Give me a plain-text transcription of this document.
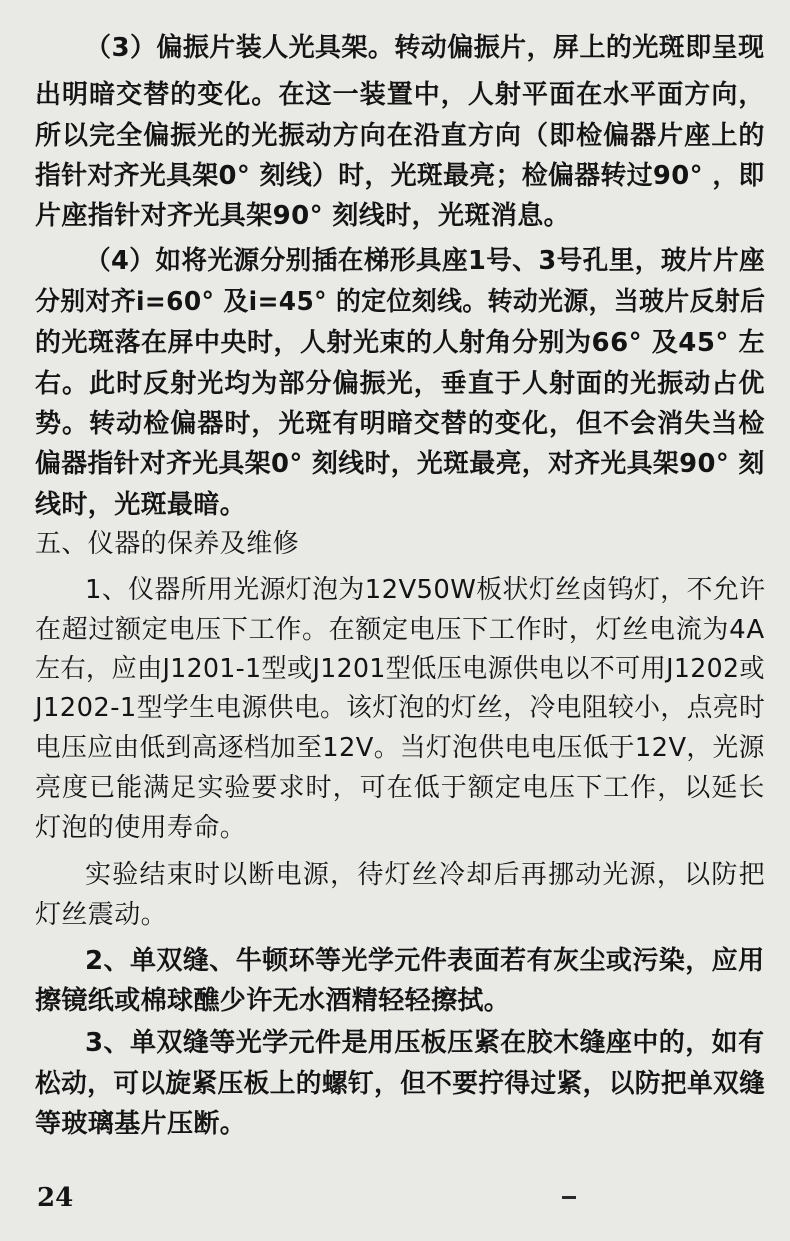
（3）偏振片装人光具架。转动偏振片，屏上的光斑即呈现
出明暗交替的变化。在这一装置中，人射平面在水平面方向，
所以完全偏振光的光振动方向在沿直方向（即检偏器片座上的
指针对齐光具架0° 刻线）时，光斑最亮；检偏器转过90° ，即
片座指针对齐光具架90° 刻线时，光斑消息。
（4）如将光源分别插在梯形具座1号、3号孔里，玻片片座
分别对齐i=60° 及i=45° 的定位刻线。转动光源，当玻片反射后
的光斑落在屏中央时，人射光束的人射角分别为66° 及45° 左
右。此时反射光均为部分偏振光，垂直于人射面的光振动占优
势。转动检偏器时，光斑有明暗交替的变化，但不会消失当检
偏器指针对齐光具架0° 刻线时，光斑最亮，对齐光具架90° 刻
线时，光斑最暗。
五、仪器的保养及维修
1、仪器所用光源灯泡为12V50W板状灯丝卤钨灯，不允许
在超过额定电压下工作。在额定电压下工作时，灯丝电流为4A
左右，应由J1201-1型或J1201型低压电源供电以不可用J1202或
J1202-1型学生电源供电。该灯泡的灯丝，冷电阻较小，点亮时
电压应由低到高逐档加至12V。当灯泡供电电压低于12V，光源
亮度已能满足实验要求时，可在低于额定电压下工作，以延长
灯泡的使用寿命。
实验结束时以断电源，待灯丝冷却后再挪动光源，以防把
灯丝震动。
2、单双缝、牛顿环等光学元件表面若有灰尘或污染，应用
擦镜纸或棉球醮少许无水酒精轻轻擦拭。
3、单双缝等光学元件是用压板压紧在胶木缝座中的，如有
松动，可以旋紧压板上的螺钉，但不要拧得过紧，以防把单双缝
等玻璃基片压断。
24
